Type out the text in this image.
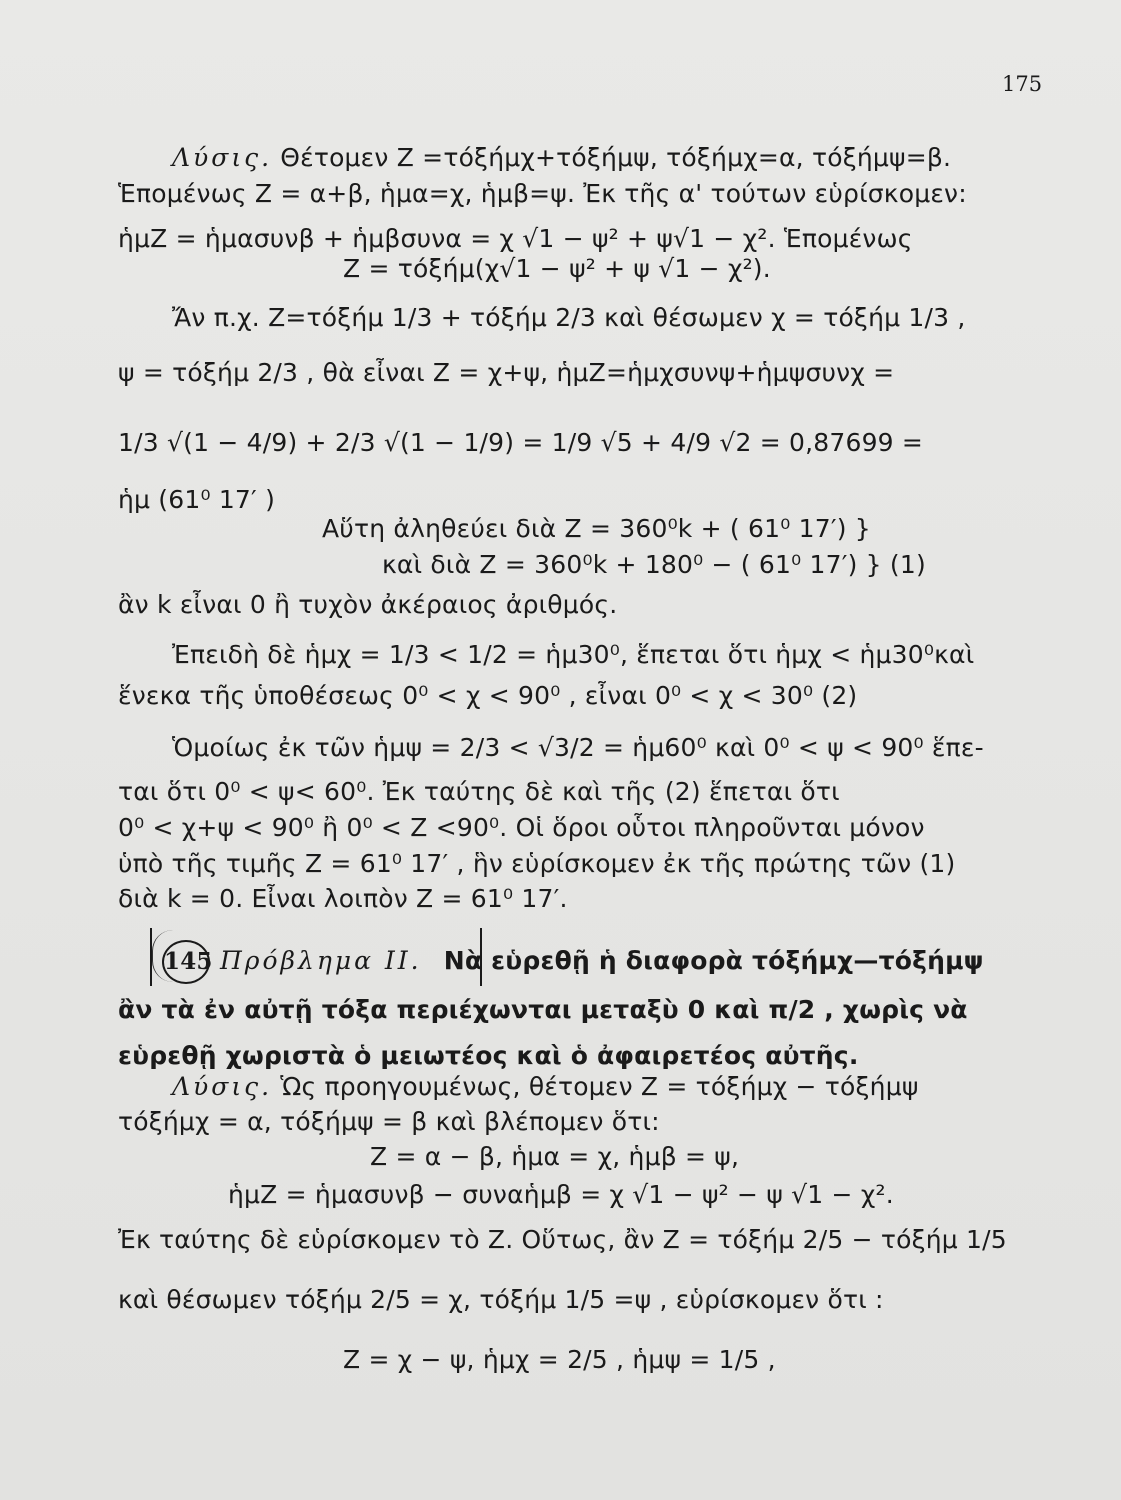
175
Λύσις. Θέτομεν Ζ =τόξήμχ+τόξήμψ, τόξήμχ=α, τόξήμψ=β.
Ἑπομένως Ζ = α+β, ἡμα=χ, ἡμβ=ψ. Ἐκ τῆς α' τούτων εὑρίσκομεν:
ἡμΖ = ἡμασυνβ + ἡμβσυνα = χ √1 − ψ² + ψ√1 − χ². Ἑπομένως
Ζ = τόξήμ(χ√1 − ψ² + ψ √1 − χ²).
Ἄν π.χ. Ζ=τόξήμ 1/3 + τόξήμ 2/3 καὶ θέσωμεν χ = τόξήμ 1/3 ,
ψ = τόξήμ 2/3 , θὰ εἶναι Ζ = χ+ψ, ἡμΖ=ἡμχσυνψ+ἡμψσυνχ =
1/3 √(1 − 4/9) + 2/3 √(1 − 1/9) = 1/9 √5 + 4/9 √2 = 0,87699 =
ἡμ (61⁰ 17′ )
Αὕτη ἀληθεύει διὰ Ζ = 360⁰k + ( 61⁰ 17′) }
καὶ διὰ Ζ = 360⁰k + 180⁰ − ( 61⁰ 17′) } (1)
ἂν k εἶναι 0 ἢ τυχὸν ἀκέραιος ἀριθμός.
Ἐπειδὴ δὲ ἡμχ = 1/3 < 1/2 = ἡμ30⁰, ἕπεται ὅτι ἡμχ < ἡμ30⁰καὶ
ἕνεκα τῆς ὑποθέσεως 0⁰ < χ < 90⁰ , εἶναι 0⁰ < χ < 30⁰ (2)
Ὁμοίως ἐκ τῶν ἡμψ = 2/3 < √3/2 = ἡμ60⁰ καὶ 0⁰ < ψ < 90⁰ ἕπε-
ται ὅτι 0⁰ < ψ< 60⁰. Ἐκ ταύτης δὲ καὶ τῆς (2) ἕπεται ὅτι
0⁰ < χ+ψ < 90⁰ ἢ 0⁰ < Ζ <90⁰. Οἱ ὅροι οὗτοι πληροῦνται μόνον
ὑπὸ τῆς τιμῆς Ζ = 61⁰ 17′ , ἣν εὑρίσκομεν ἐκ τῆς πρώτης τῶν (1)
διὰ k = 0. Εἶναι λοιπὸν Ζ = 61⁰ 17′.
ἂν τὰ ἐν αὐτῇ τόξα περιέχωνται μεταξὺ 0 καὶ π/2 , χωρὶς νὰ
εὑρεθῇ χωριστὰ ὁ μειωτέος καὶ ὁ ἀφαιρετέος αὐτῆς.
Λύσις. Ὡς προηγουμένως, θέτομεν Ζ = τόξήμχ − τόξήμψ
τόξήμχ = α, τόξήμψ = β καὶ βλέπομεν ὅτι:
Ζ = α − β, ἡμα = χ, ἡμβ = ψ,
ἡμΖ = ἡμασυνβ − συναἡμβ = χ √1 − ψ² − ψ √1 − χ².
Ἐκ ταύτης δὲ εὑρίσκομεν τὸ Ζ. Οὕτως, ἂν Ζ = τόξήμ 2/5 − τόξήμ 1/5
καὶ θέσωμεν τόξήμ 2/5 = χ, τόξήμ 1/5 =ψ , εὑρίσκομεν ὅτι :
Ζ = χ − ψ, ἡμχ = 2/5 , ἡμψ = 1/5 ,
145 Πρόβλημα ΙΙ. Νὰ εὑρεθῇ ἡ διαφορὰ τόξήμχ—τόξήμψ
